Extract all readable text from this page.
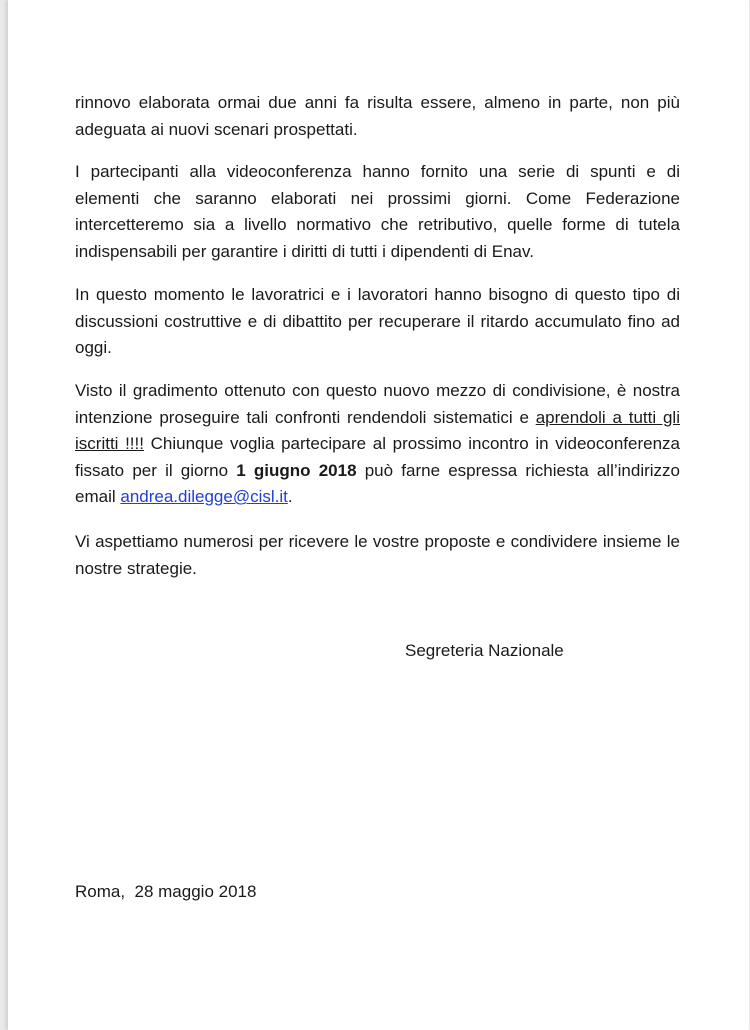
rinnovo elaborata ormai due anni fa risulta essere, almeno in parte, non più adeguata ai nuovi scenari prospettati.

I partecipanti alla videoconferenza hanno fornito una serie di spunti e di elementi che saranno elaborati nei prossimi giorni. Come Federazione intercetteremo sia a livello normativo che retributivo, quelle forme di tutela indispensabili per garantire i diritti di tutti i dipendenti di Enav.

In questo momento le lavoratrici e i lavoratori hanno bisogno di questo tipo di discussioni costruttive e di dibattito per recuperare il ritardo accumulato fino ad oggi.

Visto il gradimento ottenuto con questo nuovo mezzo di condivisione, è nostra intenzione proseguire tali confronti rendendoli sistematici e aprendoli a tutti gli iscritti !!!! Chiunque voglia partecipare al prossimo incontro in videoconferenza fissato per il giorno 1 giugno 2018 può farne espressa richiesta all’indirizzo email andrea.dilegge@cisl.it.

Vi aspettiamo numerosi per ricevere le vostre proposte e condividere insieme le nostre strategie.

Segreteria Nazionale
Roma,  28 maggio 2018
